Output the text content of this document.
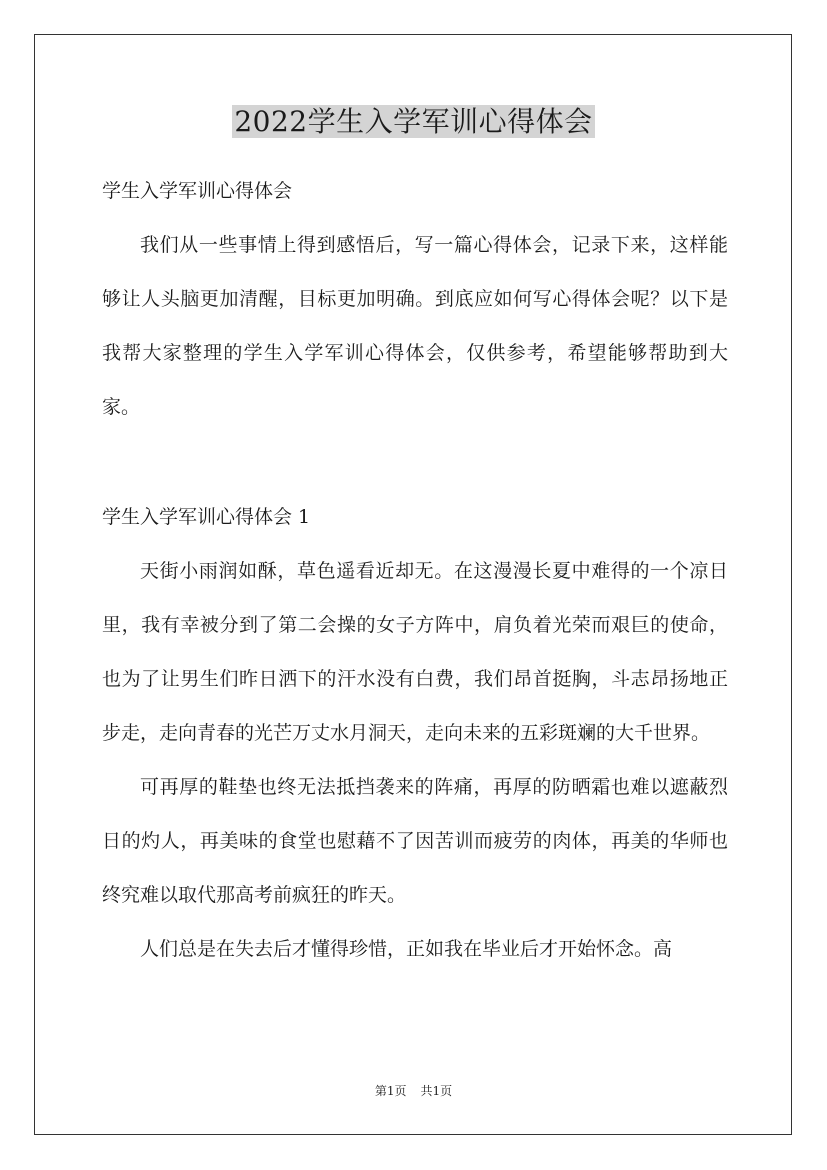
2022学生入学军训心得体会

学生入学军训心得体会

我们从一些事情上得到感悟后，写一篇心得体会，记录下来，这样能够让人头脑更加清醒，目标更加明确。到底应如何写心得体会呢？以下是我帮大家整理的学生入学军训心得体会，仅供参考，希望能够帮助到大家。

学生入学军训心得体会 1

天街小雨润如酥，草色遥看近却无。在这漫漫长夏中难得的一个凉日里，我有幸被分到了第二会操的女子方阵中，肩负着光荣而艰巨的使命，也为了让男生们昨日洒下的汗水没有白费，我们昂首挺胸，斗志昂扬地正步走，走向青春的光芒万丈水月洞天，走向未来的五彩斑斓的大千世界。

可再厚的鞋垫也终无法抵挡袭来的阵痛，再厚的防晒霜也难以遮蔽烈日的灼人，再美味的食堂也慰藉不了因苦训而疲劳的肉体，再美的华师也终究难以取代那高考前疯狂的昨天。

人们总是在失去后才懂得珍惜，正如我在毕业后才开始怀念。高

第1页 共1页
